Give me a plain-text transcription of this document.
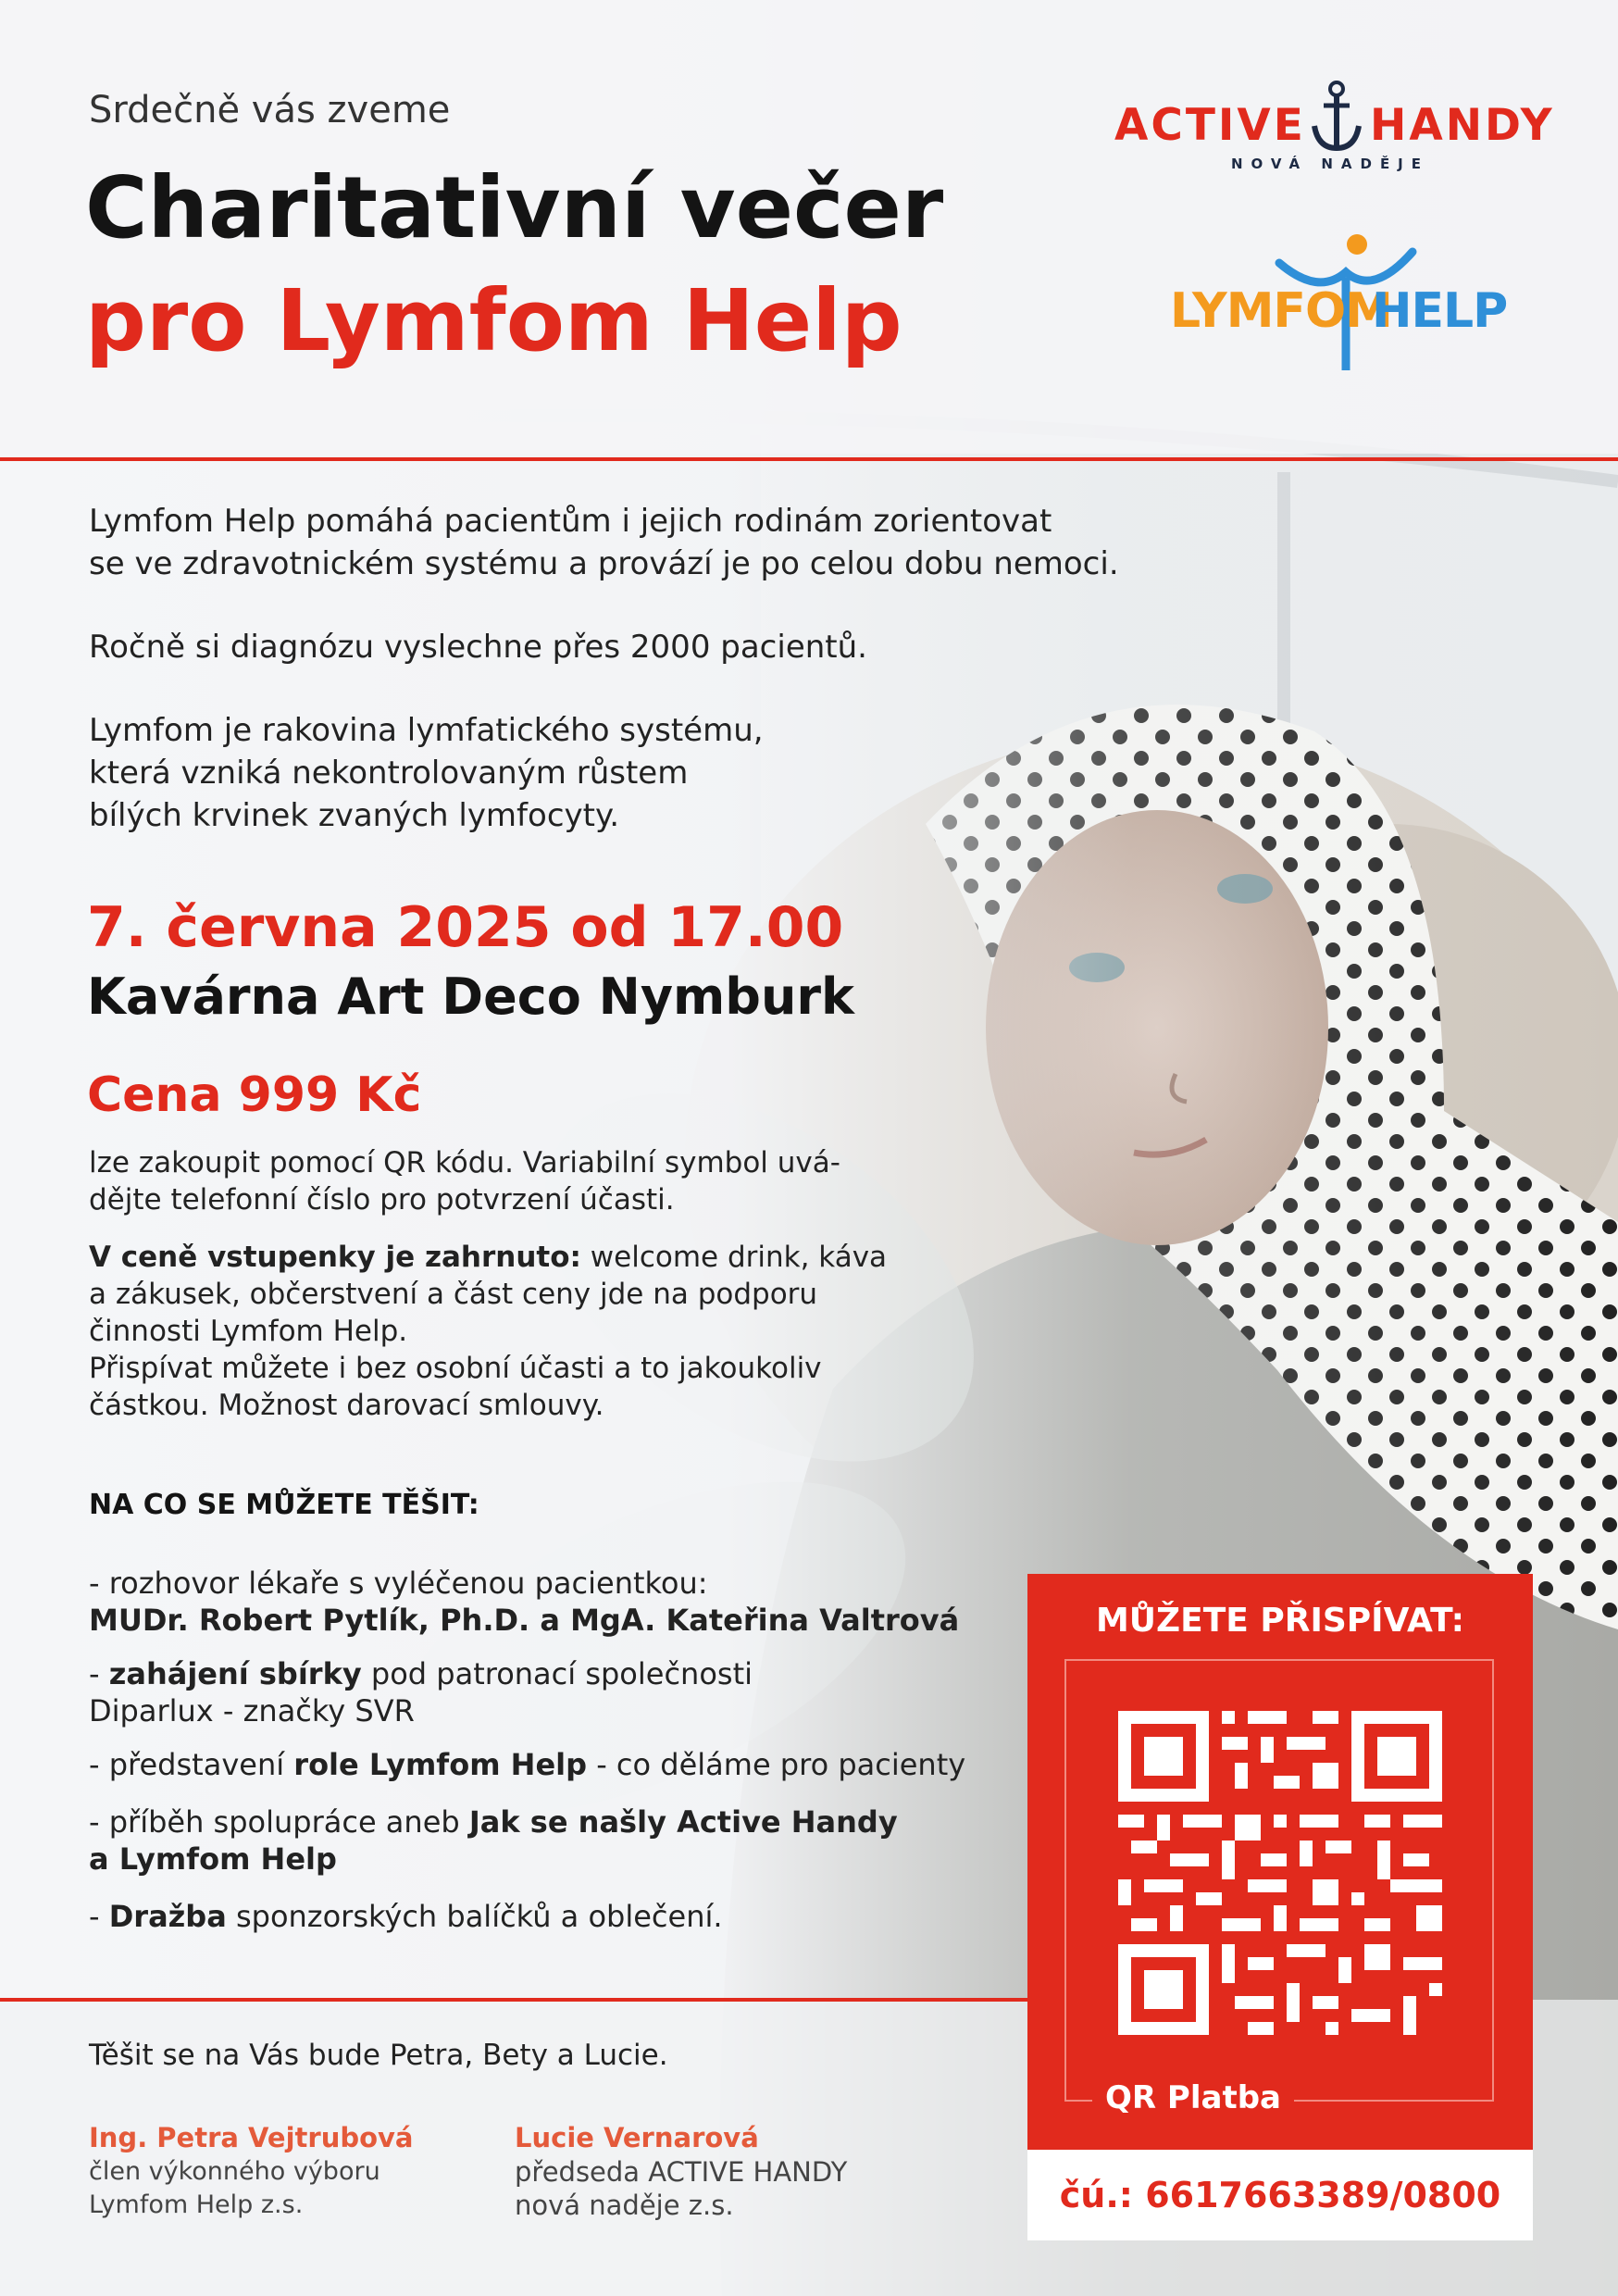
Srdečně vás zveme
Charitativní večer
pro Lymfom Help
ACTIVE HANDY
NOVÁ NADĚJE
LYMFOM
HELP

Lymfom Help pomáhá pacientům i jejich rodinám zorientovat

se ve zdravotnickém systému a provází je po celou dobu nemoci.

Ročně si diagnózu vyslechne přes 2000 pacientů.

Lymfom je rakovina lymfatického systému,

která vzniká nekontrolovaným růstem

bílých krvinek zvaných lymfocyty.

7. června 2025 od 17.00
Kavárna Art Deco Nymburk
Cena 999 Kč

lze zakoupit pomocí QR kódu. Variabilní symbol uvá-

dějte telefonní číslo pro potvrzení účasti.

V ceně vstupenky je zahrnuto: welcome drink, káva

a zákusek, občerstvení a část ceny jde na podporu

činnosti Lymfom Help.

Přispívat můžete i bez osobní účasti a to jakoukoliv

částkou. Možnost darovací smlouvy.

NA CO SE MŮŽETE TĚŠIT:

- rozhovor lékaře s vyléčenou pacientkou:

MUDr. Robert Pytlík, Ph.D. a MgA. Kateřina Valtrová

- zahájení sbírky pod patronací společnosti

Diparlux - značky SVR

- představení role Lymfom Help - co děláme pro pacienty

- příběh spolupráce aneb Jak se našly Active Handy

a Lymfom Help

- Dražba sponzorských balíčků a oblečení.

Těšit se na Vás bude Petra, Bety a Lucie.

Ing. Petra Vejtrubová

člen výkonného výboru

Lymfom Help z.s.

Lucie Vernarová

předseda ACTIVE HANDY

nová naděje z.s.

MŮŽETE PŘISPÍVAT:
QR Platba
čú.: 6617663389/0800
